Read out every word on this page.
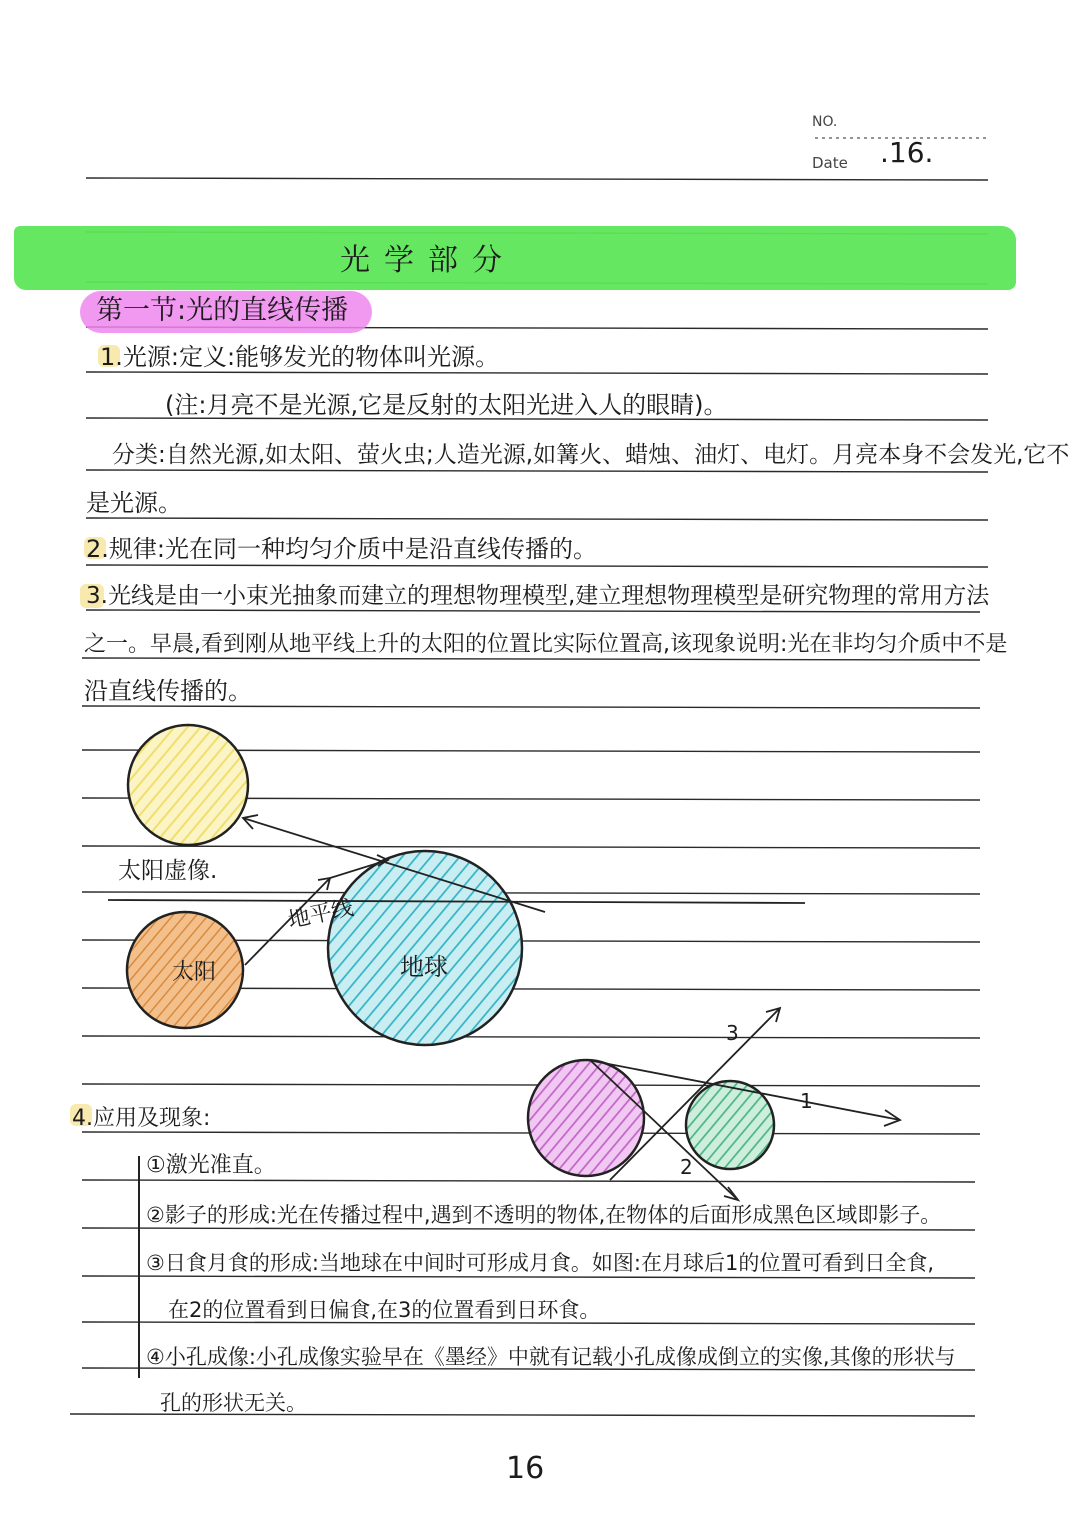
NO.
Date .16.
光学部分
第一节:光的直线传播
1.光源:定义:能够发光的物体叫光源。
(注:月亮不是光源,它是反射的太阳光进入人的眼睛)。
分类:自然光源,如太阳、萤火虫;人造光源,如篝火、蜡烛、油灯、电灯。月亮本身不会发光,它不
是光源。
2.规律:光在同一种均匀介质中是沿直线传播的。
3.光线是由一小束光抽象而建立的理想物理模型,建立理想物理模型是研究物理的常用方法
之一。早晨,看到刚从地平线上升的太阳的位置比实际位置高,该现象说明:光在非均匀介质中不是
沿直线传播的。
太阳虚像.
地平线
太阳	地球
1
2
3
4.应用及现象:
①激光准直。
②影子的形成:光在传播过程中,遇到不透明的物体,在物体的后面形成黑色区域即影子。
③日食月食的形成:当地球在中间时可形成月食。如图:在月球后1的位置可看到日全食,
在2的位置看到日偏食,在3的位置看到日环食。
④小孔成像:小孔成像实验早在《墨经》中就有记载小孔成像成倒立的实像,其像的形状与
孔的形状无关。
16
